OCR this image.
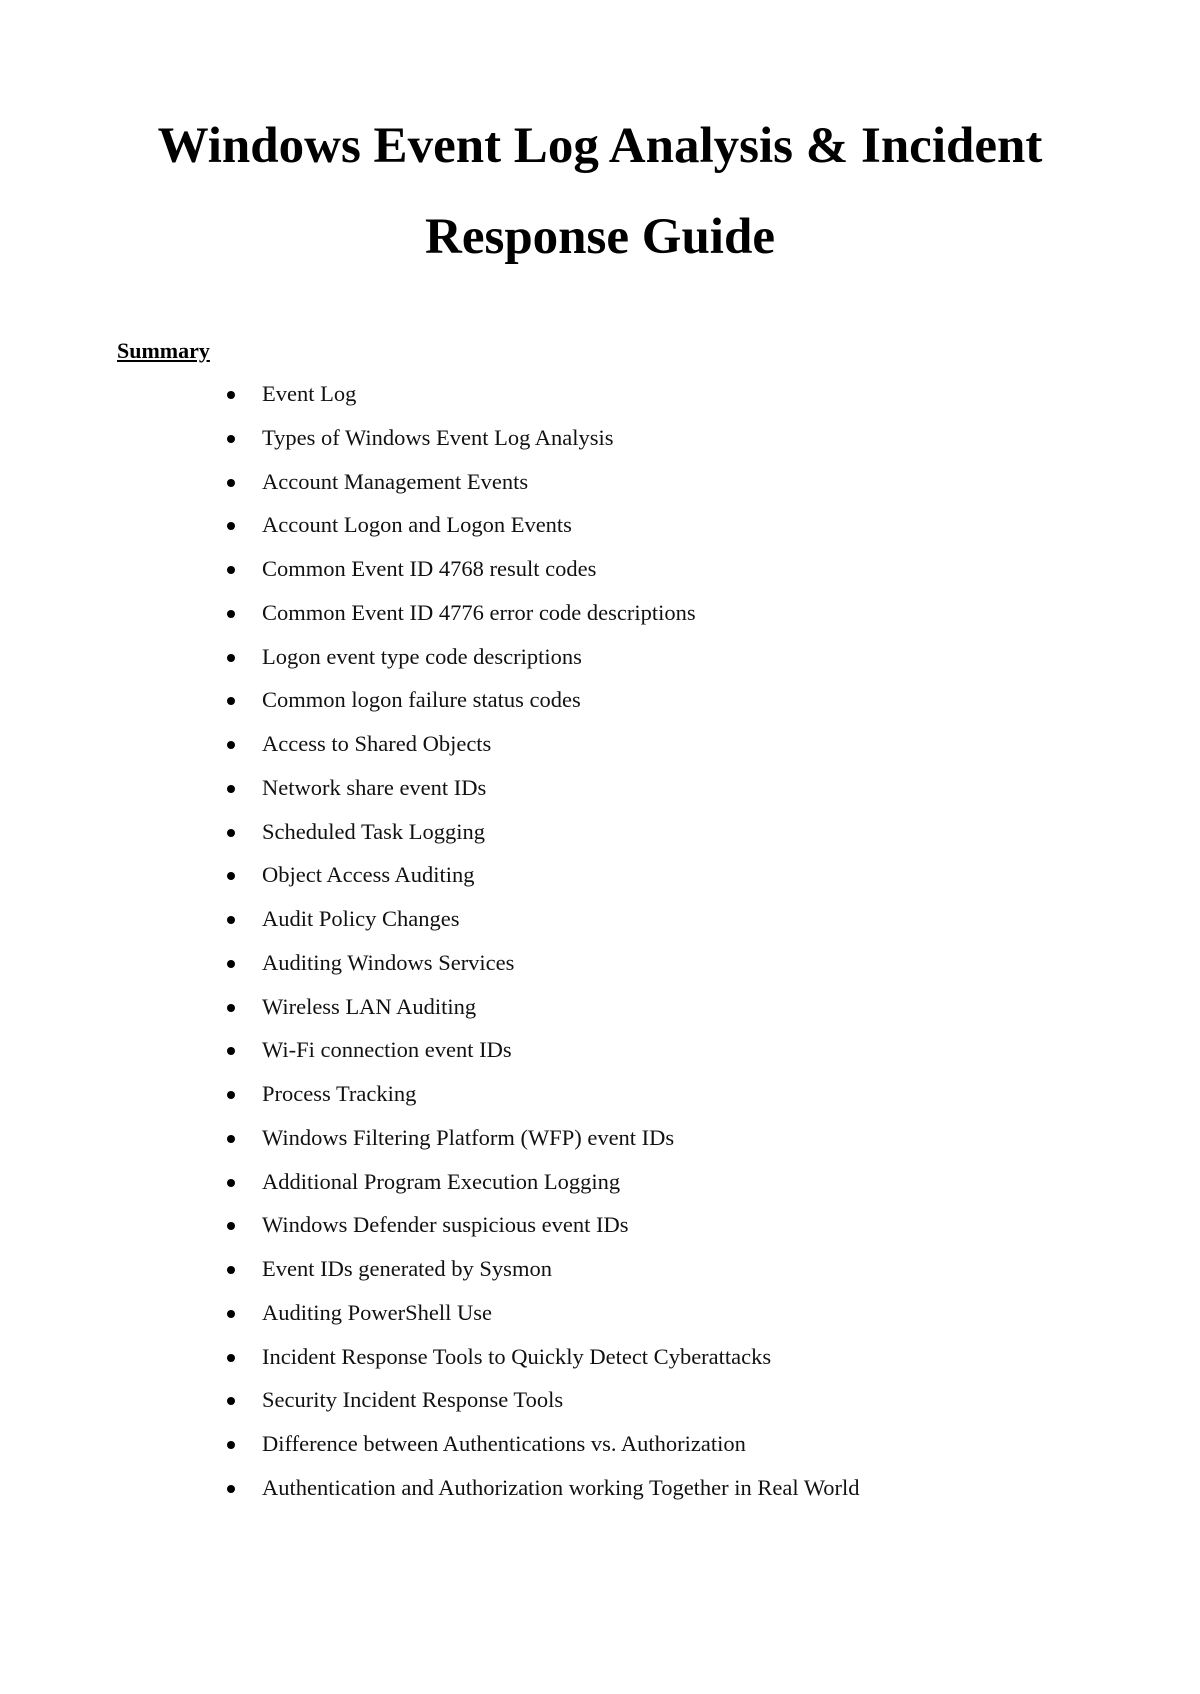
Windows Event Log Analysis & Incident
Response Guide
Summary
Event Log
Types of Windows Event Log Analysis
Account Management Events
Account Logon and Logon Events
Common Event ID 4768 result codes
Common Event ID 4776 error code descriptions
Logon event type code descriptions
Common logon failure status codes
Access to Shared Objects
Network share event IDs
Scheduled Task Logging
Object Access Auditing
Audit Policy Changes
Auditing Windows Services
Wireless LAN Auditing
Wi-Fi connection event IDs
Process Tracking
Windows Filtering Platform (WFP) event IDs
Additional Program Execution Logging
Windows Defender suspicious event IDs
Event IDs generated by Sysmon
Auditing PowerShell Use
Incident Response Tools to Quickly Detect Cyberattacks
Security Incident Response Tools
Difference between Authentications vs. Authorization
Authentication and Authorization working Together in Real World
